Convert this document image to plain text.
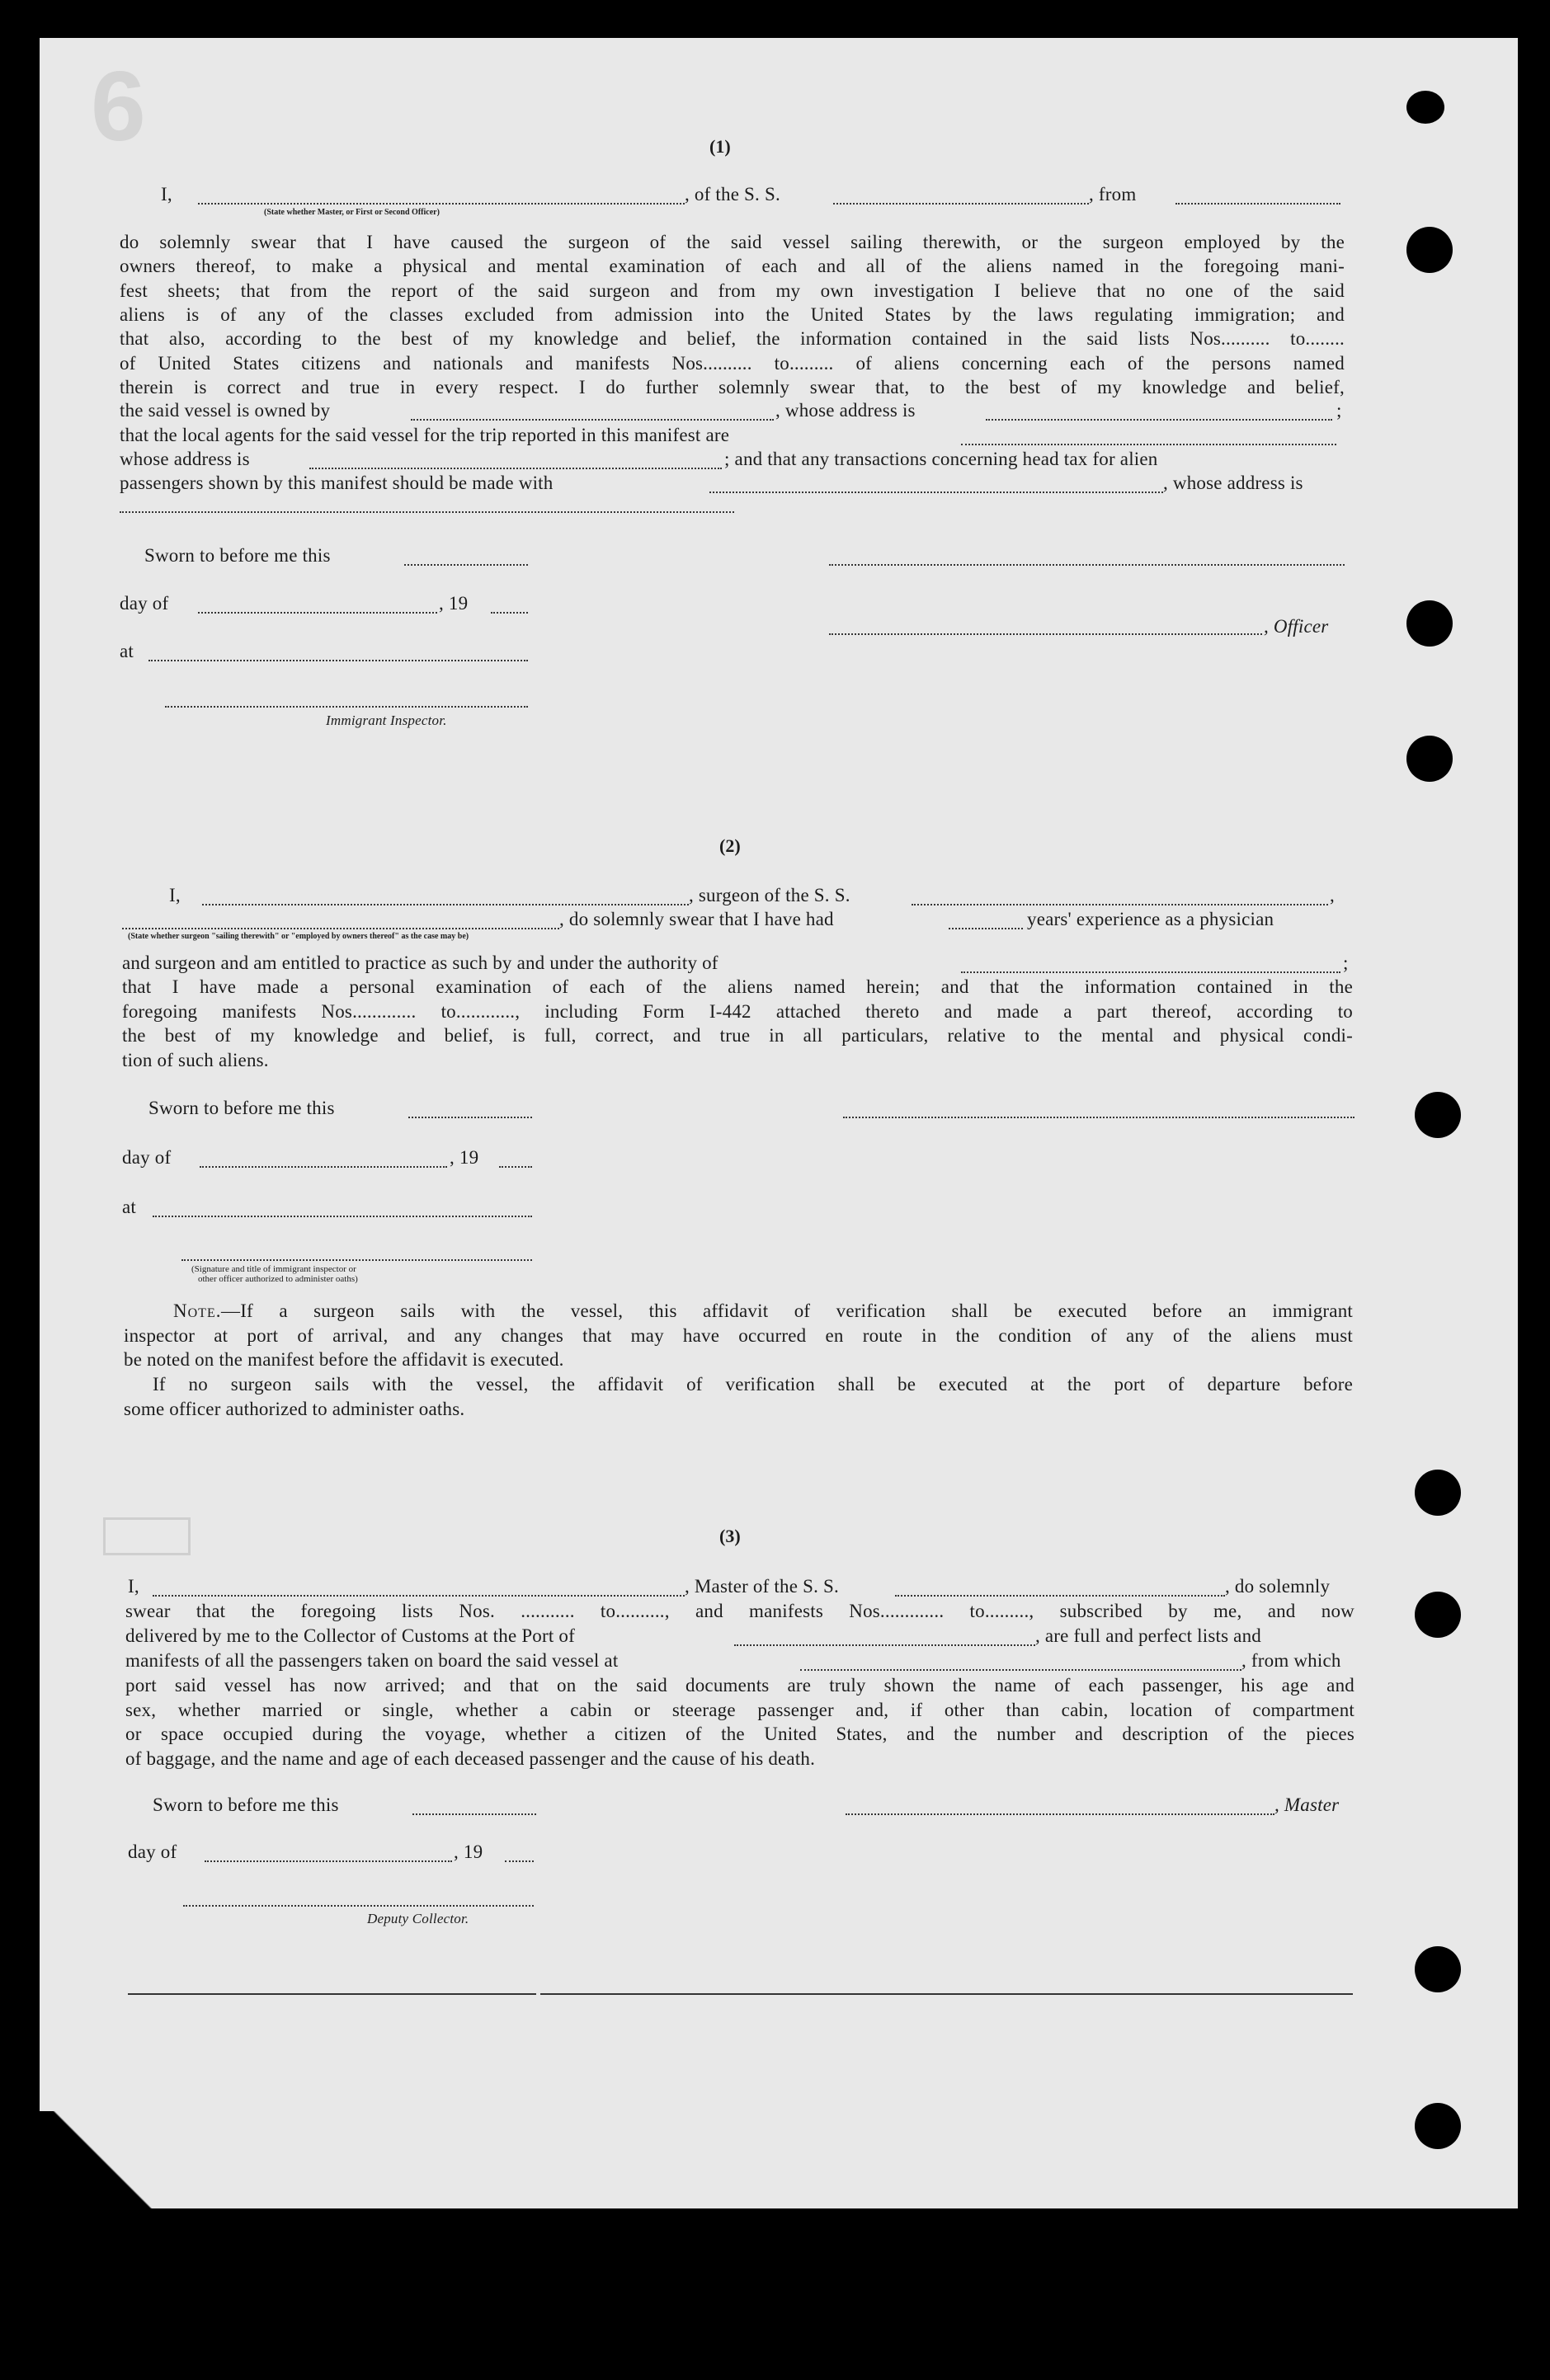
6	(1)
I,	, of the S. S.	, from
(State whether Master, or First or Second Officer)
do solemnly swear that I have caused the surgeon of the said vessel sailing therewith, or the surgeon employed by the
owners thereof, to make a physical and mental examination of each and all of the aliens named in the foregoing mani-
fest sheets; that from the report of the said surgeon and from my own investigation I believe that no one of the said
aliens is of any of the classes excluded from admission into the United States by the laws regulating immigration; and
that also, according to the best of my knowledge and belief, the information contained in the said lists Nos.......... to........
of United States citizens and nationals and manifests Nos.......... to......... of aliens concerning each of the persons named
therein is correct and true in every respect. I do further solemnly swear that, to the best of my knowledge and belief,
the said vessel is owned by	, whose address is	;
that the local agents for the said vessel for the trip reported in this manifest are
whose address is	; and that any transactions concerning head tax for alien
passengers shown by this manifest should be made with	, whose address is
Sworn to before me this
day of	, 19
, Officer
at
Immigrant Inspector.
(2)
I,	, surgeon of the S. S.	,
, do solemnly swear that I have had	years' experience as a physician
(State whether surgeon "sailing therewith" or "employed by owners thereof" as the case may be)
and surgeon and am entitled to practice as such by and under the authority of	;
that I have made a personal examination of each of the aliens named herein; and that the information contained in the
foregoing manifests Nos............. to............, including Form I-442 attached thereto and made a part thereof, according to
the best of my knowledge and belief, is full, correct, and true in all particulars, relative to the mental and physical condi-
tion of such aliens.
Sworn to before me this
day of	, 19
at
(Signature and title of immigrant inspector or
other officer authorized to administer oaths)
Note. —If a surgeon sails with the vessel, this affidavit of verification shall be executed before an immigrant
inspector at port of arrival, and any changes that may have occurred en route in the condition of any of the aliens must
be noted on the manifest before the affidavit is executed.
If no surgeon sails with the vessel, the affidavit of verification shall be executed at the port of departure before
some officer authorized to administer oaths.
(3)
I,	, Master of the S. S.	, do solemnly
swear that the foregoing lists Nos. ........... to.........., and manifests Nos............. to........., subscribed by me, and now
delivered by me to the Collector of Customs at the Port of	, are full and perfect lists and
manifests of all the passengers taken on board the said vessel at	, from which
port said vessel has now arrived; and that on the said documents are truly shown the name of each passenger, his age and
sex, whether married or single, whether a cabin or steerage passenger and, if other than cabin, location of compartment
or space occupied during the voyage, whether a citizen of the United States, and the number and description of the pieces
of baggage, and the name and age of each deceased passenger and the cause of his death.
Sworn to before me this	, Master
day of	, 19
Deputy Collector.
